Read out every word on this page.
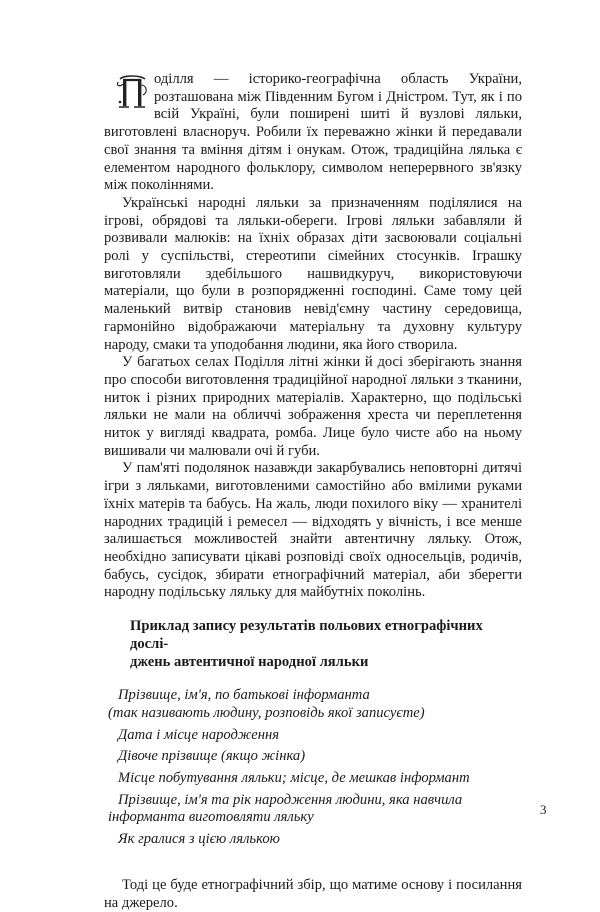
одiлля — iсторико-географiчна область України, розташована мiж Пiвденним Бугом i Днiстром. Тут, як i по всiй Українi, були поширенi шитi й вузловi ляльки, виготовленi власноруч. Робили їх переважно жiнки й передавали свої знання та вмiння дiтям i онукам. Отож, традицiйна лялька є елементом народного фольклору, символом неперервного зв'язку мiж поколiннями.

Українськi народнi ляльки за призначенням подiлялися на iгровi, обрядовi та ляльки-обереги. Iгровi ляльки забавляли й розвивали малюкiв: на їхнiх образах дiти засвоювали соцiальнi ролi у суспiльствi, стереотипи сiмейних стосункiв. Iграшку виготовляли здебiльшого нашвидкуруч, використовуючи матерiали, що були в розпорядженнi господинi. Саме тому цей маленький витвiр становив невiд'ємну частину середовища, гармонiйно вiдображаючи матерiальну та духовну культуру народу, смаки та уподобання людини, яка його створила.

У багатьох селах Подiлля лiтнi жiнки й досi зберiгають знання про способи виготовлення традицiйної народної ляльки з тканини, ниток i рiзних природних матерiалiв. Характерно, що подiльськi ляльки не мали на обличчi зображення хреста чи переплетення ниток у виглядi квадрата, ромба. Лице було чисте або на ньому вишивали чи малювали очi й губи.

У пам'ятi подолянок назавжди закарбувались неповторнi дитячi iгри з ляльками, виготовленими самостiйно або вмiлими руками їхнiх матерiв та бабусь. На жаль, люди похилого вiку — хранителi народних традицiй i ремесел — вiдходять у вiчнiсть, i все менше залишається можливостей знайти автентичну ляльку. Отож, необхiдно записувати цiкавi розповiдi своїх односельцiв, родичiв, бабусь, сусiдок, збирати етнографiчний матерiал, аби зберегти народну подiльську ляльку для майбутнiх поколiнь.

Приклад запису результатiв польових етнографiчних дослi-
джень автентичної народної ляльки
Прiзвище, iм'я, по батьковi iнформанта
(так називають людину, розповiдь якої записуєте)
Дата i мiсце народження
Дiвоче прiзвище (якщо жiнка)
Мiсце побутування ляльки; мiсце, де мешкав iнформант
Прiзвище, iм'я та рiк народження людини, яка навчила
iнформанта виготовляти ляльку
Як гралися з цiєю лялькою

Тодi це буде етнографiчний збiр, що матиме основу i посилання на джерело.

3
